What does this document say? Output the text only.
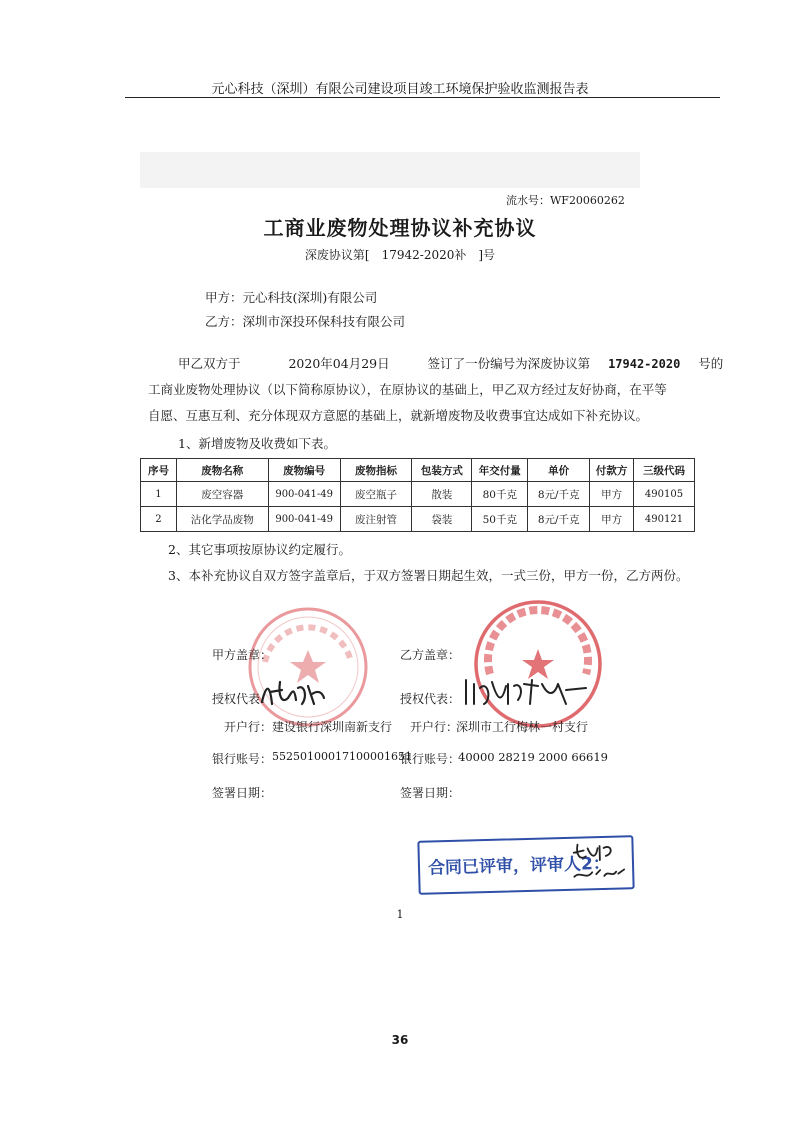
元心科技（深圳）有限公司建设项目竣工环境保护验收监测报告表
流水号：WF20060262
工商业废物处理协议补充协议
深废协议第[　17942-2020补　]号
甲方：元心科技(深圳)有限公司
乙方：深圳市深投环保科技有限公司
甲乙双方于	2020年04月29日	签订了一份编号为深废协议第 17942-2020 号的
工商业废物处理协议（以下简称原协议），在原协议的基础上，甲乙双方经过友好协商，在平等
自愿、互惠互利、充分体现双方意愿的基础上，就新增废物及收费事宜达成如下补充协议。
1、新增废物及收费如下表。
序号	废物名称	废物编号	废物指标	包装方式	年交付量	单价	付款方	三级代码
1	废空容器	900-041-49	废空瓶子	散装	80千克	8元/千克	甲方	490105
2	沾化学品废物	900-041-49	废注射管	袋装	50千克	8元/千克	甲方	490121
2、其它事项按原协议约定履行。
3、本补充协议自双方签字盖章后，于双方签署日期起生效，一式三份，甲方一份，乙方两份。
甲方盖章：
授权代表：
开户行： 建设银行深圳南新支行
银行账号： 55250100017100001651
签署日期：
乙方盖章：
授权代表：
开户行：
深圳市工行梅林一村支行
银行账号：
40000 28219 2000 66619
签署日期：
合同已评审，评审人2：
1
36
